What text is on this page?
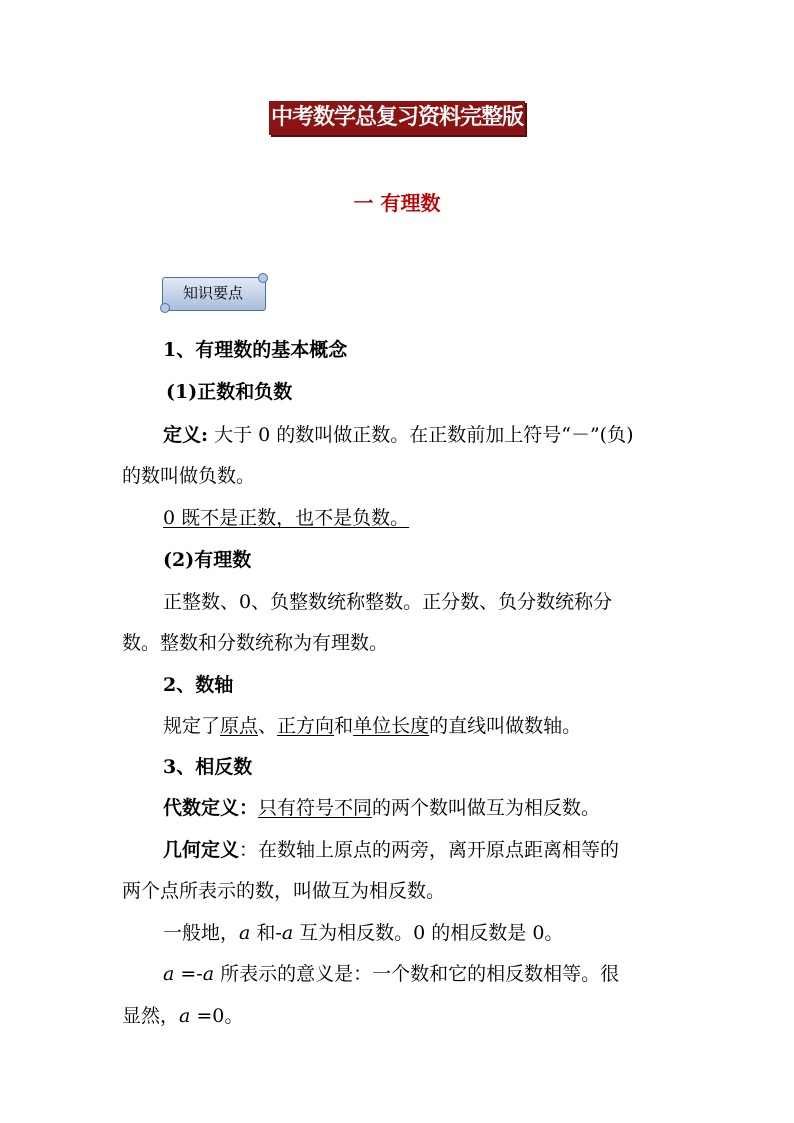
中考数学总复习资料完整版
一 有理数
知识要点
1、有理数的基本概念
(1)正数和负数
定义: 大于 0 的数叫做正数。在正数前加上符号“－”(负)
的数叫做负数。
0 既不是正数，也不是负数。
(2)有理数
正整数、0、负整数统称整数。正分数、负分数统称分
数。整数和分数统称为有理数。
2、数轴
规定了原点、正方向和单位长度的直线叫做数轴。
3、相反数
代数定义：只有符号不同的两个数叫做互为相反数。
几何定义：在数轴上原点的两旁，离开原点距离相等的
两个点所表示的数，叫做互为相反数。
一般地，a 和-a 互为相反数。0 的相反数是 0。
a =-a 所表示的意义是：一个数和它的相反数相等。很
显然，a =0。
